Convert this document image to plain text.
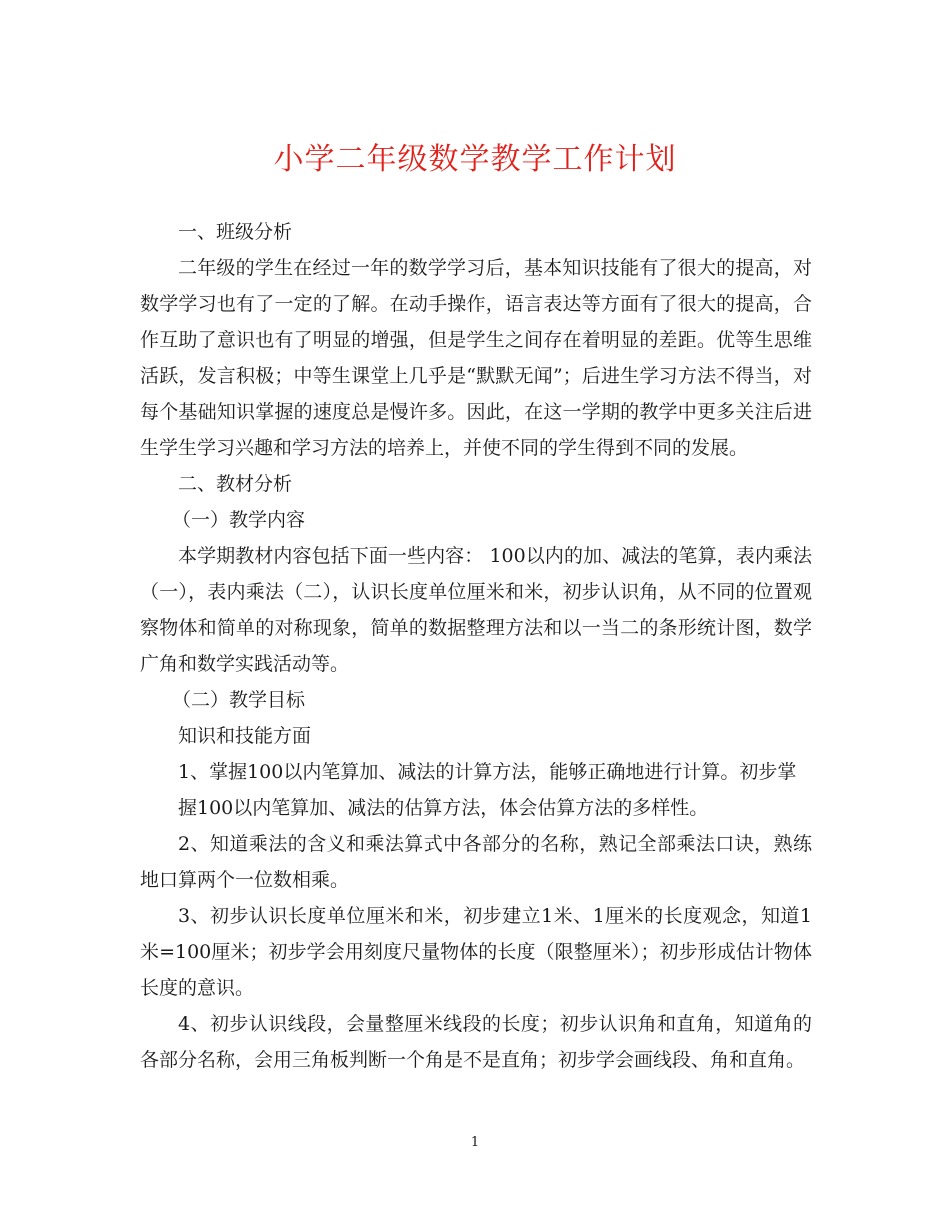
小学二年级数学教学工作计划

一、班级分析

二年级的学生在经过一年的数学学习后，基本知识技能有了很大的提高，对数学学习也有了一定的了解。在动手操作，语言表达等方面有了很大的提高，合作互助了意识也有了明显的增强，但是学生之间存在着明显的差距。优等生思维活跃，发言积极；中等生课堂上几乎是“默默无闻”；后进生学习方法不得当，对每个基础知识掌握的速度总是慢许多。因此，在这一学期的教学中更多关注后进生学生学习兴趣和学习方法的培养上，并使不同的学生得到不同的发展。

二、教材分析

（一）教学内容

本学期教材内容包括下面一些内容： 100以内的加、减法的笔算，表内乘法（一），表内乘法（二），认识长度单位厘米和米，初步认识角，从不同的位置观察物体和简单的对称现象，简单的数据整理方法和以一当二的条形统计图，数学广角和数学实践活动等。

（二）教学目标

知识和技能方面

1、掌握100以内笔算加、减法的计算方法，能够正确地进行计算。初步掌

握100以内笔算加、减法的估算方法，体会估算方法的多样性。

2、知道乘法的含义和乘法算式中各部分的名称，熟记全部乘法口诀，熟练地口算两个一位数相乘。

3、初步认识长度单位厘米和米，初步建立1米、1厘米的长度观念，知道1米=100厘米；初步学会用刻度尺量物体的长度（限整厘米）；初步形成估计物体长度的意识。

4、初步认识线段，会量整厘米线段的长度；初步认识角和直角，知道角的各部分名称，会用三角板判断一个角是不是直角；初步学会画线段、角和直角。

1
